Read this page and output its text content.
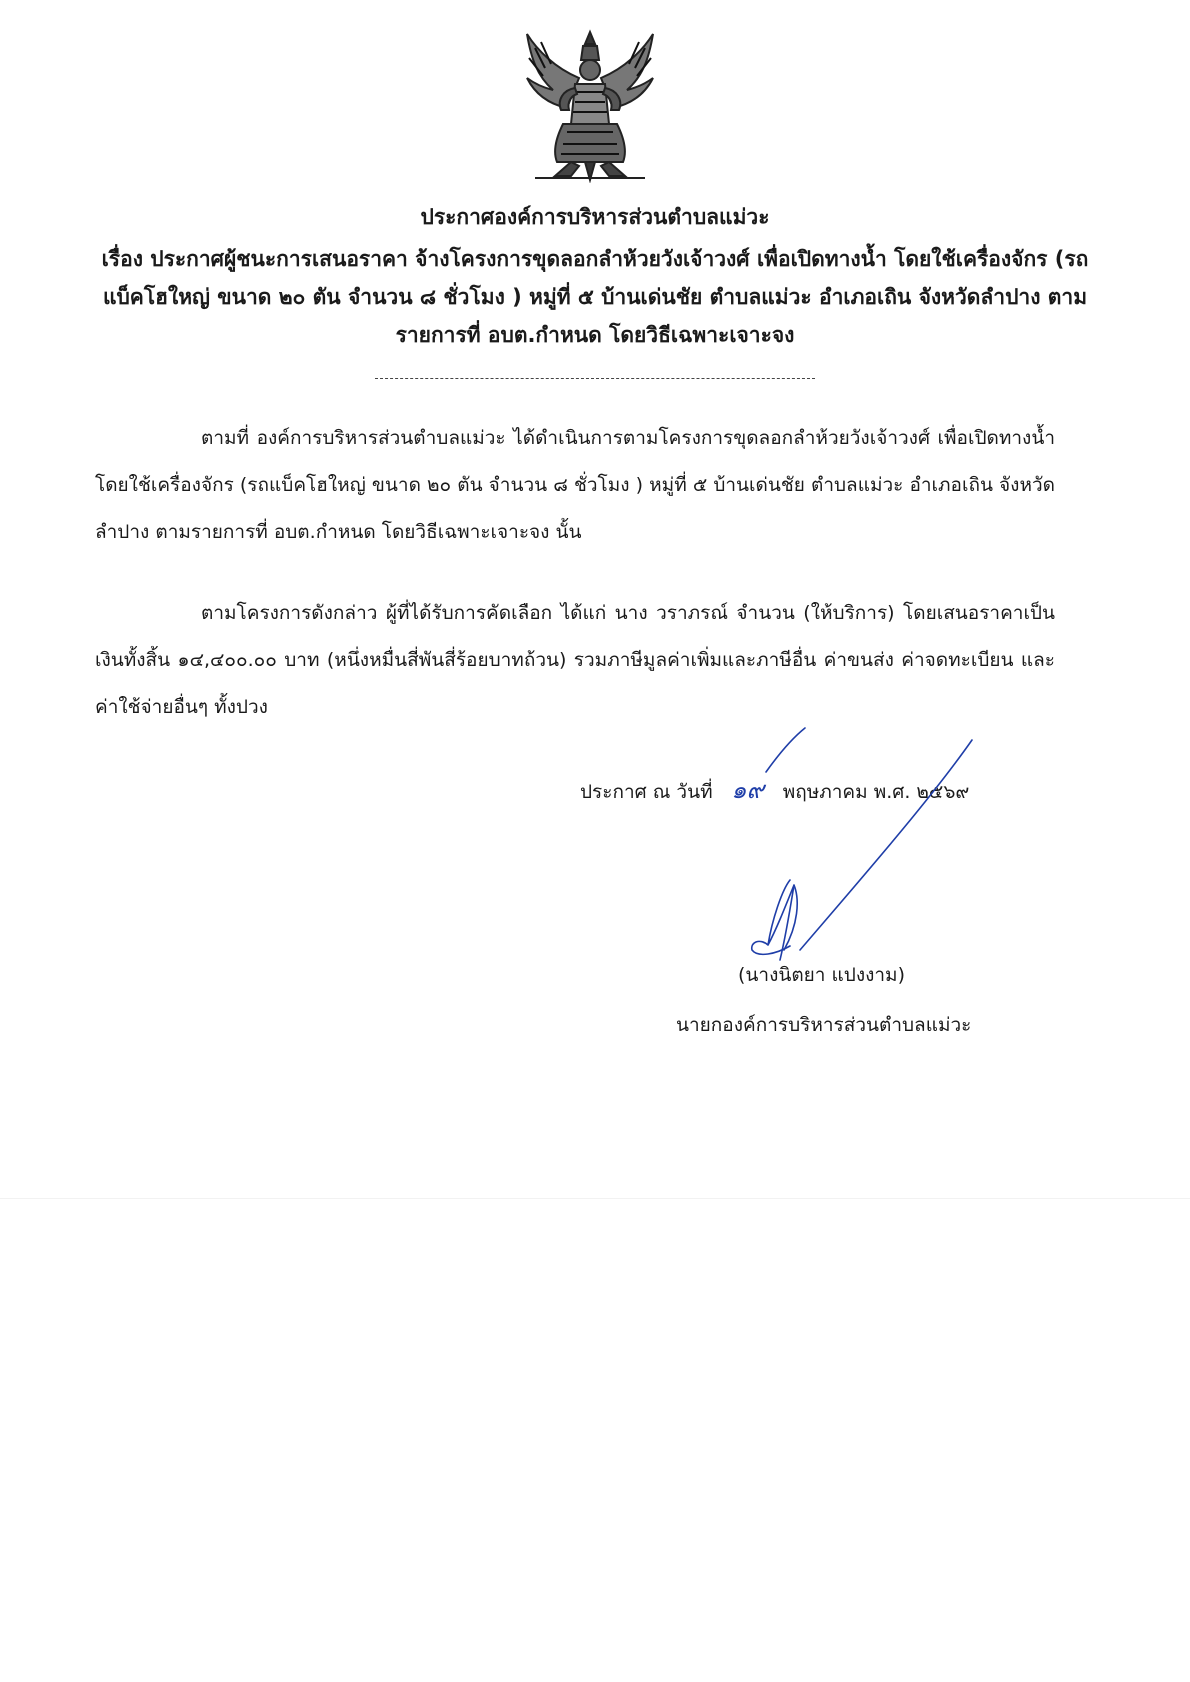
ประกาศองค์การบริหารส่วนตำบลแม่วะ
เรื่อง ประกาศผู้ชนะการเสนอราคา จ้างโครงการขุดลอกลำห้วยวังเจ้าวงศ์ เพื่อเปิดทางน้ำ โดยใช้เครื่องจักร (รถแบ็คโฮใหญ่ ขนาด ๒๐ ตัน จำนวน ๘ ชั่วโมง ) หมู่ที่ ๕ บ้านเด่นชัย ตำบลแม่วะ อำเภอเถิน จังหวัดลำปาง ตามรายการที่ อบต.กำหนด โดยวิธีเฉพาะเจาะจง
ตามที่ องค์การบริหารส่วนตำบลแม่วะ ได้ดำเนินการตามโครงการขุดลอกลำห้วยวังเจ้าวงศ์ เพื่อเปิดทางน้ำ โดยใช้เครื่องจักร (รถแบ็คโฮใหญ่ ขนาด ๒๐ ตัน จำนวน ๘ ชั่วโมง ) หมู่ที่ ๕ บ้านเด่นชัย ตำบลแม่วะ อำเภอเถิน จังหวัดลำปาง ตามรายการที่ อบต.กำหนด โดยวิธีเฉพาะเจาะจง นั้น
ตามโครงการดังกล่าว ผู้ที่ได้รับการคัดเลือก ได้แก่ นาง วราภรณ์ จำนวน (ให้บริการ) โดยเสนอราคาเป็นเงินทั้งสิ้น ๑๔,๔๐๐.๐๐ บาท (หนึ่งหมื่นสี่พันสี่ร้อยบาทถ้วน) รวมภาษีมูลค่าเพิ่มและภาษีอื่น ค่าขนส่ง ค่าจดทะเบียน และค่าใช้จ่ายอื่นๆ ทั้งปวง
ประกาศ ณ วันที่ ๑๙ พฤษภาคม พ.ศ. ๒๕๖๙
(นางนิตยา แปงงาม)
นายกองค์การบริหารส่วนตำบลแม่วะ
